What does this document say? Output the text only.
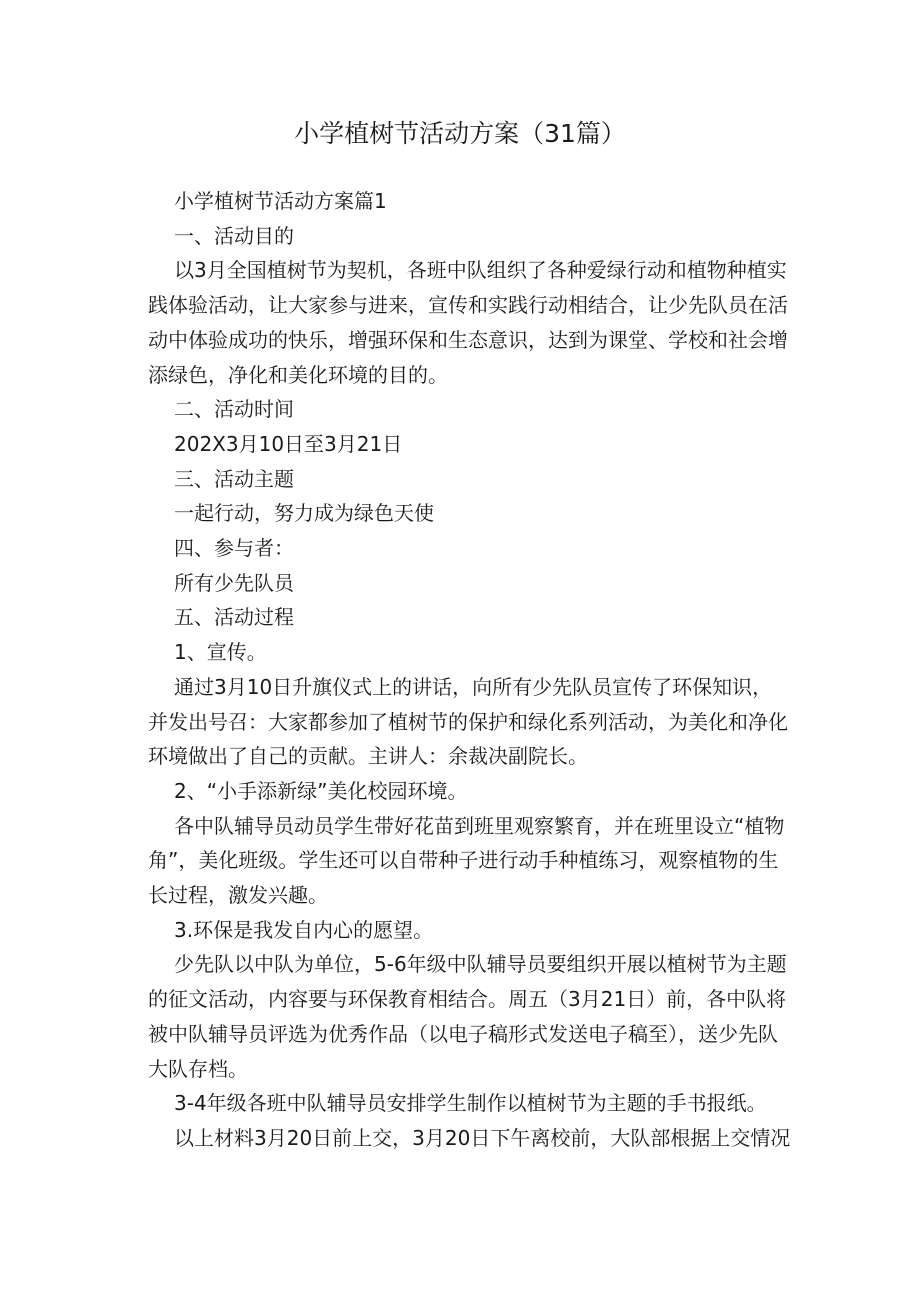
小学植树节活动方案（31篇）

小学植树节活动方案篇1

一、活动目的

以3月全国植树节为契机，各班中队组织了各种爱绿行动和植物种植实践体验活动，让大家参与进来，宣传和实践行动相结合，让少先队员在活动中体验成功的快乐，增强环保和生态意识，达到为课堂、学校和社会增添绿色，净化和美化环境的目的。

二、活动时间

202X3月10日至3月21日

三、活动主题

一起行动，努力成为绿色天使

四、参与者：

所有少先队员

五、活动过程

1、宣传。

通过3月10日升旗仪式上的讲话，向所有少先队员宣传了环保知识，并发出号召：大家都参加了植树节的保护和绿化系列活动，为美化和净化环境做出了自己的贡献。主讲人：余裁决副院长。

2、“小手添新绿”美化校园环境。

各中队辅导员动员学生带好花苗到班里观察繁育，并在班里设立“植物角”，美化班级。学生还可以自带种子进行动手种植练习，观察植物的生长过程，激发兴趣。

3.环保是我发自内心的愿望。

少先队以中队为单位，5-6年级中队辅导员要组织开展以植树节为主题的征文活动，内容要与环保教育相结合。周五（3月21日）前，各中队将被中队辅导员评选为优秀作品（以电子稿形式发送电子稿至），送少先队大队存档。

3-4年级各班中队辅导员安排学生制作以植树节为主题的手书报纸。

以上材料3月20日前上交，3月20日下午离校前，大队部根据上交情况
